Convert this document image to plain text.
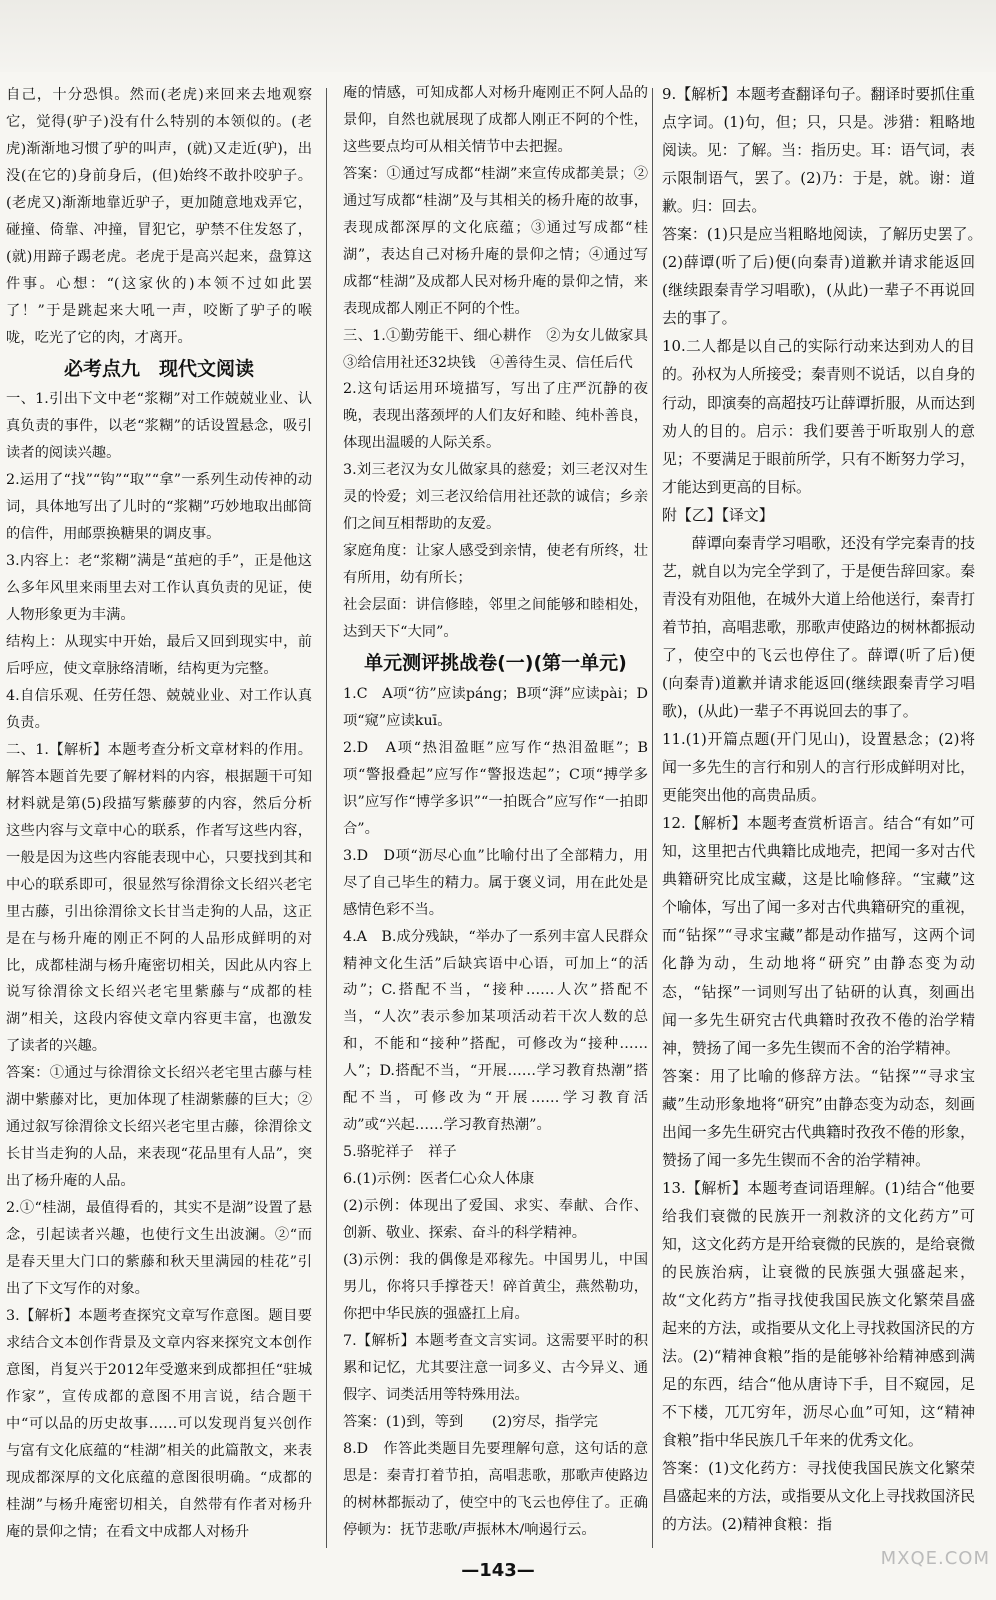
自己，十分恐惧。然而(老虎)来回来去地观察它，觉得(驴子)没有什么特别的本领似的。(老虎)渐渐地习惯了驴的叫声，(就)又走近(驴)，出没(在它的)身前身后，(但)始终不敢扑咬驴子。(老虎又)渐渐地靠近驴子，更加随意地戏弄它，碰撞、倚靠、冲撞，冒犯它，驴禁不住发怒了，(就)用蹄子踢老虎。老虎于是高兴起来，盘算这件事。心想：“(这家伙的)本领不过如此罢了！”于是跳起来大吼一声，咬断了驴子的喉咙，吃光了它的肉，才离开。

必考点九　现代文阅读

一、1.引出下文中老“浆糊”对工作兢兢业业、认真负责的事件，以老“浆糊”的话设置悬念，吸引读者的阅读兴趣。

2.运用了“找”“钩”“取”“拿”一系列生动传神的动词，具体地写出了儿时的“浆糊”巧妙地取出邮筒的信件，用邮票换糖果的调皮事。

3.内容上：老“浆糊”满是“茧疤的手”，正是他这么多年风里来雨里去对工作认真负责的见证，使人物形象更为丰满。

结构上：从现实中开始，最后又回到现实中，前后呼应，使文章脉络清晰，结构更为完整。

4.自信乐观、任劳任怨、兢兢业业、对工作认真负责。

二、1.【解析】本题考查分析文章材料的作用。解答本题首先要了解材料的内容，根据题干可知材料就是第(5)段描写紫藤萝的内容，然后分析这些内容与文章中心的联系，作者写这些内容，一般是因为这些内容能表现中心，只要找到其和中心的联系即可，很显然写徐渭徐文长绍兴老宅里古藤，引出徐渭徐文长甘当走狗的人品，这正是在与杨升庵的刚正不阿的人品形成鲜明的对比，成都桂湖与杨升庵密切相关，因此从内容上说写徐渭徐文长绍兴老宅里紫藤与“成都的桂湖”相关，这段内容使文章内容更丰富，也激发了读者的兴趣。

答案：①通过与徐渭徐文长绍兴老宅里古藤与桂湖中紫藤对比，更加体现了桂湖紫藤的巨大；②通过叙写徐渭徐文长绍兴老宅里古藤，徐渭徐文长甘当走狗的人品，来表现“花品里有人品”，突出了杨升庵的人品。

2.①“桂湖，最值得看的，其实不是湖”设置了悬念，引起读者兴趣，也使行文生出波澜。②“而是春天里大门口的紫藤和秋天里满园的桂花”引出了下文写作的对象。

3.【解析】本题考查探究文章写作意图。题目要求结合文本创作背景及文章内容来探究文本创作意图，肖复兴于2012年受邀来到成都担任“驻城作家”，宣传成都的意图不用言说，结合题干中“可以品的历史故事……可以发现肖复兴创作与富有文化底蕴的“桂湖”相关的此篇散文，来表现成都深厚的文化底蕴的意图很明确。“成都的桂湖”与杨升庵密切相关，自然带有作者对杨升庵的景仰之情；在看文中成都人对杨升

庵的情感，可知成都人对杨升庵刚正不阿人品的景仰，自然也就展现了成都人刚正不阿的个性，这些要点均可从相关情节中去把握。

答案：①通过写成都“桂湖”来宣传成都美景；②通过写成都“桂湖”及与其相关的杨升庵的故事，表现成都深厚的文化底蕴；③通过写成都“桂湖”，表达自己对杨升庵的景仰之情；④通过写成都“桂湖”及成都人民对杨升庵的景仰之情，来表现成都人刚正不阿的个性。

三、1.①勤劳能干、细心耕作　②为女儿做家具　③给信用社还32块钱　④善待生灵、信任后代

2.这句话运用环境描写，写出了庄严沉静的夜晚，表现出落颈坪的人们友好和睦、纯朴善良，体现出温暖的人际关系。

3.刘三老汉为女儿做家具的慈爱；刘三老汉对生灵的怜爱；刘三老汉给信用社还款的诚信；乡亲们之间互相帮助的友爱。

家庭角度：让家人感受到亲情，使老有所终，壮有所用，幼有所长；

社会层面：讲信修睦，邻里之间能够和睦相处，达到天下“大同”。

单元测评挑战卷(一)(第一单元)

1.C　A项“彷”应读páng；B项“湃”应读pài；D项“窥”应读kuī。

2.D　A项“热泪盈眶”应写作“热泪盈眶”；B项“警报叠起”应写作“警报迭起”；C项“搏学多识”应写作“博学多识”“一拍既合”应写作“一拍即合”。

3.D　D项“沥尽心血”比喻付出了全部精力，用尽了自己毕生的精力。属于褒义词，用在此处是感情色彩不当。

4.A　B.成分残缺，“举办了一系列丰富人民群众精神文化生活”后缺宾语中心语，可加上“的活动”；C.搭配不当，“接种……人次”搭配不当，“人次”表示参加某项活动若干次人数的总和，不能和“接种”搭配，可修改为“接种……人”；D.搭配不当，“开展……学习教育热潮”搭配不当，可修改为“开展……学习教育活动”或“兴起……学习教育热潮”。

5.骆驼祥子　祥子

6.(1)示例：医者仁心众人体康

(2)示例：体现出了爱国、求实、奉献、合作、创新、敬业、探索、奋斗的科学精神。

(3)示例：我的偶像是邓稼先。中国男儿，中国男儿，你将只手撑苍天！碎首黄尘，燕然勒功，你把中华民族的强盛扛上肩。

7.【解析】本题考查文言实词。这需要平时的积累和记忆，尤其要注意一词多义、古今异义、通假字、词类活用等特殊用法。

答案：(1)到，等到　　(2)穷尽，指学完

8.D　作答此类题目先要理解句意，这句话的意思是：秦青打着节拍，高唱悲歌，那歌声使路边的树林都振动了，使空中的飞云也停住了。正确停顿为：抚节悲歌/声振林木/响遏行云。

9.【解析】本题考查翻译句子。翻译时要抓住重点字词。(1)句，但；只，只是。涉猎：粗略地阅读。见：了解。当：指历史。耳：语气词，表示限制语气，罢了。(2)乃：于是，就。谢：道歉。归：回去。

答案：(1)只是应当粗略地阅读，了解历史罢了。　(2)薛谭(听了后)便(向秦青)道歉并请求能返回(继续跟秦青学习唱歌)，(从此)一辈子不再说回去的事了。

10.二人都是以自己的实际行动来达到劝人的目的。孙权为人所接受；秦青则不说话，以自身的行动，即演奏的高超技巧让薛谭折服，从而达到劝人的目的。启示：我们要善于听取别人的意见；不要满足于眼前所学，只有不断努力学习，才能达到更高的目标。

附【乙】【译文】

　　薛谭向秦青学习唱歌，还没有学完秦青的技艺，就自以为完全学到了，于是便告辞回家。秦青没有劝阻他，在城外大道上给他送行，秦青打着节拍，高唱悲歌，那歌声使路边的树林都振动了，使空中的飞云也停住了。薛谭(听了后)便(向秦青)道歉并请求能返回(继续跟秦青学习唱歌)，(从此)一辈子不再说回去的事了。

11.(1)开篇点题(开门见山)，设置悬念；(2)将闻一多先生的言行和别人的言行形成鲜明对比，更能突出他的高贵品质。

12.【解析】本题考查赏析语言。结合“有如”可知，这里把古代典籍比成地壳，把闻一多对古代典籍研究比成宝藏，这是比喻修辞。“宝藏”这个喻体，写出了闻一多对古代典籍研究的重视，而“钻探”“寻求宝藏”都是动作描写，这两个词化静为动，生动地将“研究”由静态变为动态，“钻探”一词则写出了钻研的认真，刻画出闻一多先生研究古代典籍时孜孜不倦的治学精神，赞扬了闻一多先生锲而不舍的治学精神。

答案：用了比喻的修辞方法。“钻探”“寻求宝藏”生动形象地将“研究”由静态变为动态，刻画出闻一多先生研究古代典籍时孜孜不倦的形象，赞扬了闻一多先生锲而不舍的治学精神。

13.【解析】本题考查词语理解。(1)结合“他要给我们衰微的民族开一剂救济的文化药方”可知，这文化药方是开给衰微的民族的，是给衰微的民族治病，让衰微的民族强大强盛起来，故“文化药方”指寻找使我国民族文化繁荣昌盛起来的方法，或指要从文化上寻找救国济民的方法。(2)“精神食粮”指的是能够补给精神感到满足的东西，结合“他从唐诗下手，目不窥园，足不下楼，兀兀穷年，沥尽心血”可知，这“精神食粮”指中华民族几千年来的优秀文化。

答案：(1)文化药方：寻找使我国民族文化繁荣昌盛起来的方法，或指要从文化上寻找救国济民的方法。(2)精神食粮：指

—143—
MXQE.COM
